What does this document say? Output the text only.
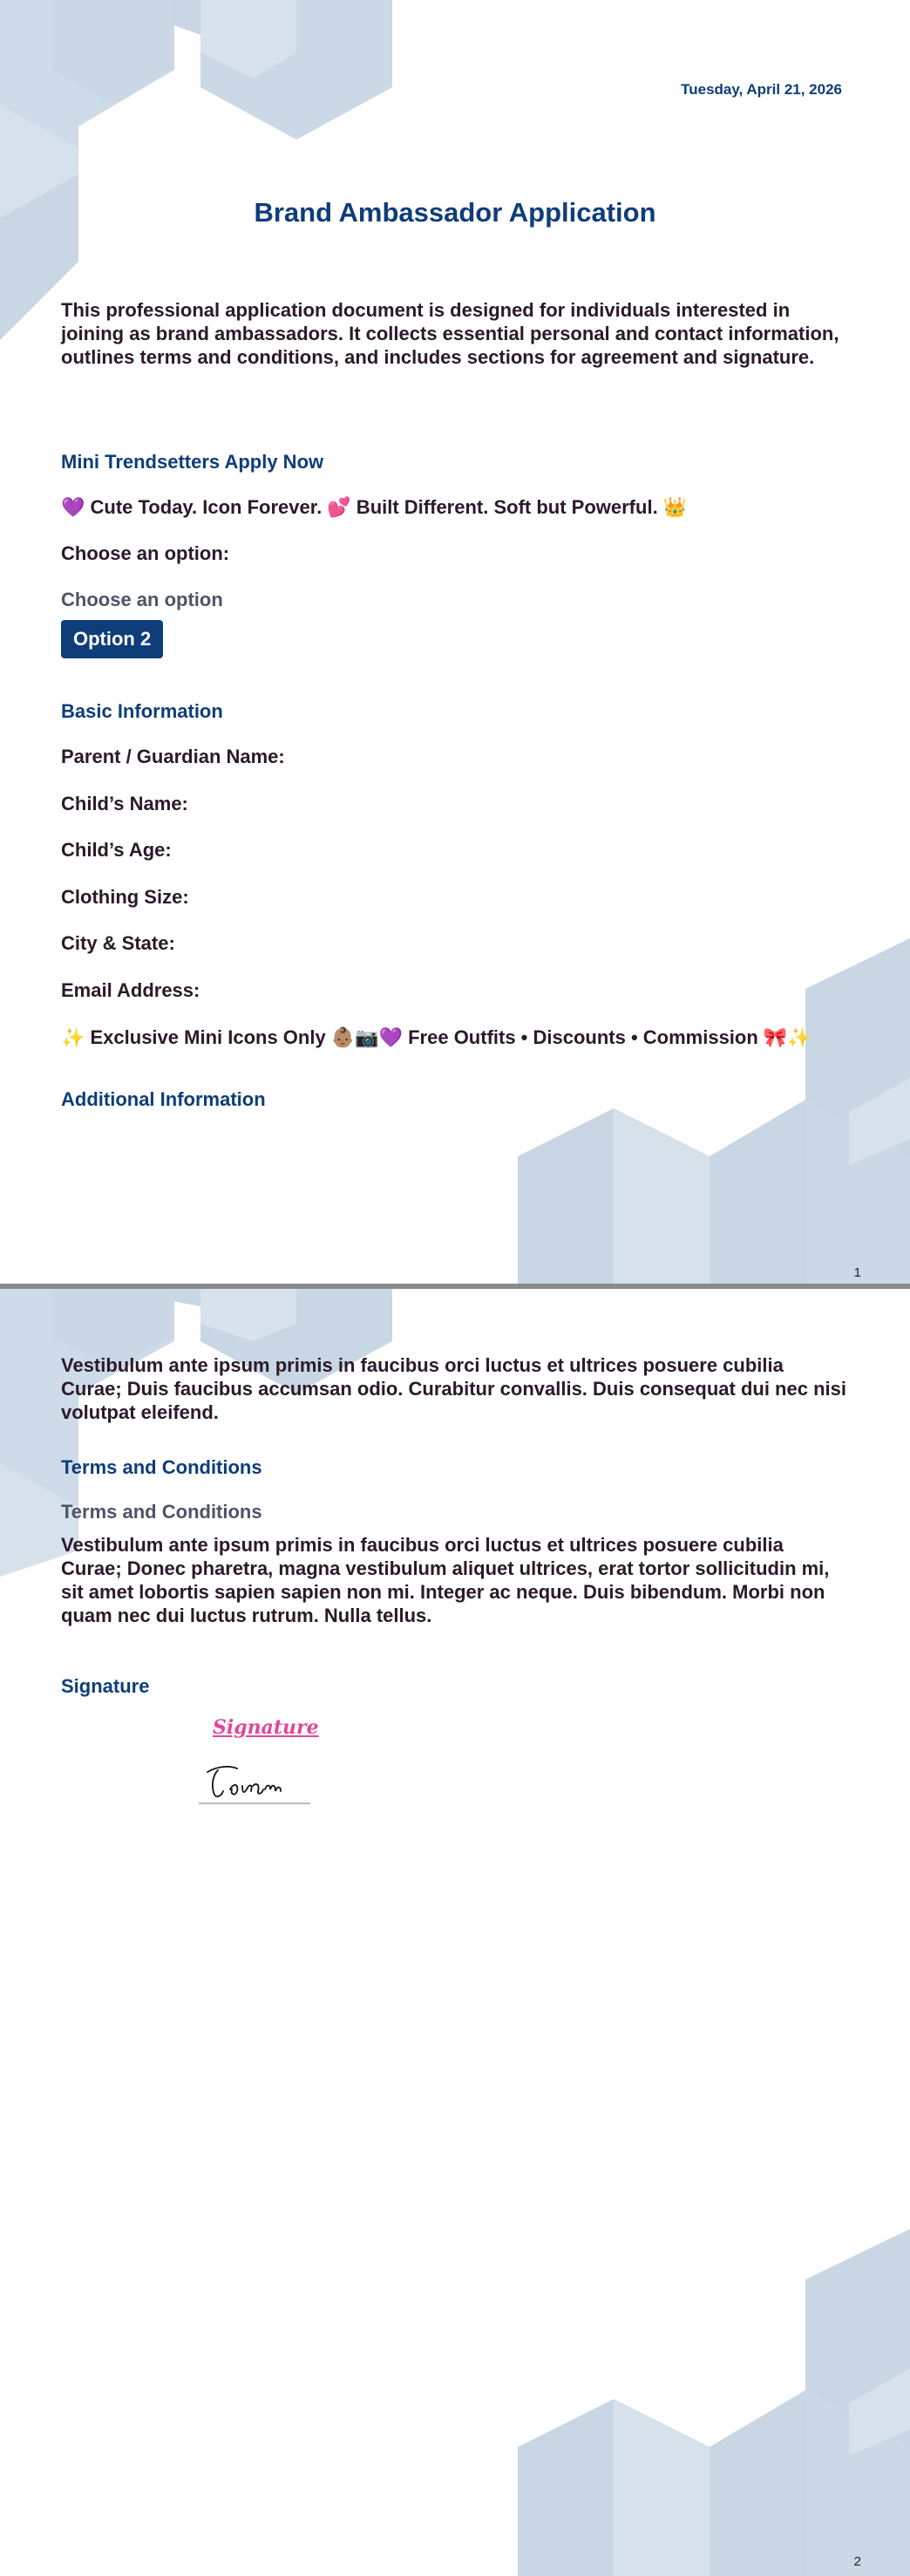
Tuesday, April 21, 2026
Brand Ambassador Application

This professional application document is designed for individuals interested in joining as brand ambassadors. It collects essential personal and contact information, outlines terms and conditions, and includes sections for agreement and signature.

Mini Trendsetters Apply Now

💜 Cute Today. Icon Forever. 💕 Built Different. Soft but Powerful. 👑

Choose an option:

Choose an option

Option 2

Basic Information

Parent / Guardian Name:

Child’s Name:

Child’s Age:

Clothing Size:

City & State:

Email Address:

✨ Exclusive Mini Icons Only 👶🏽📷💜 Free Outfits • Discounts • Commission 🎀✨

Additional Information

1

Vestibulum ante ipsum primis in faucibus orci luctus et ultrices posuere cubilia Curae; Duis faucibus accumsan odio. Curabitur convallis. Duis consequat dui nec nisi volutpat eleifend.

Terms and Conditions

Terms and Conditions

Vestibulum ante ipsum primis in faucibus orci luctus et ultrices posuere cubilia Curae; Donec pharetra, magna vestibulum aliquet ultrices, erat tortor sollicitudin mi, sit amet lobortis sapien sapien non mi. Integer ac neque. Duis bibendum. Morbi non quam nec dui luctus rutrum. Nulla tellus.

Signature

Signature
2
